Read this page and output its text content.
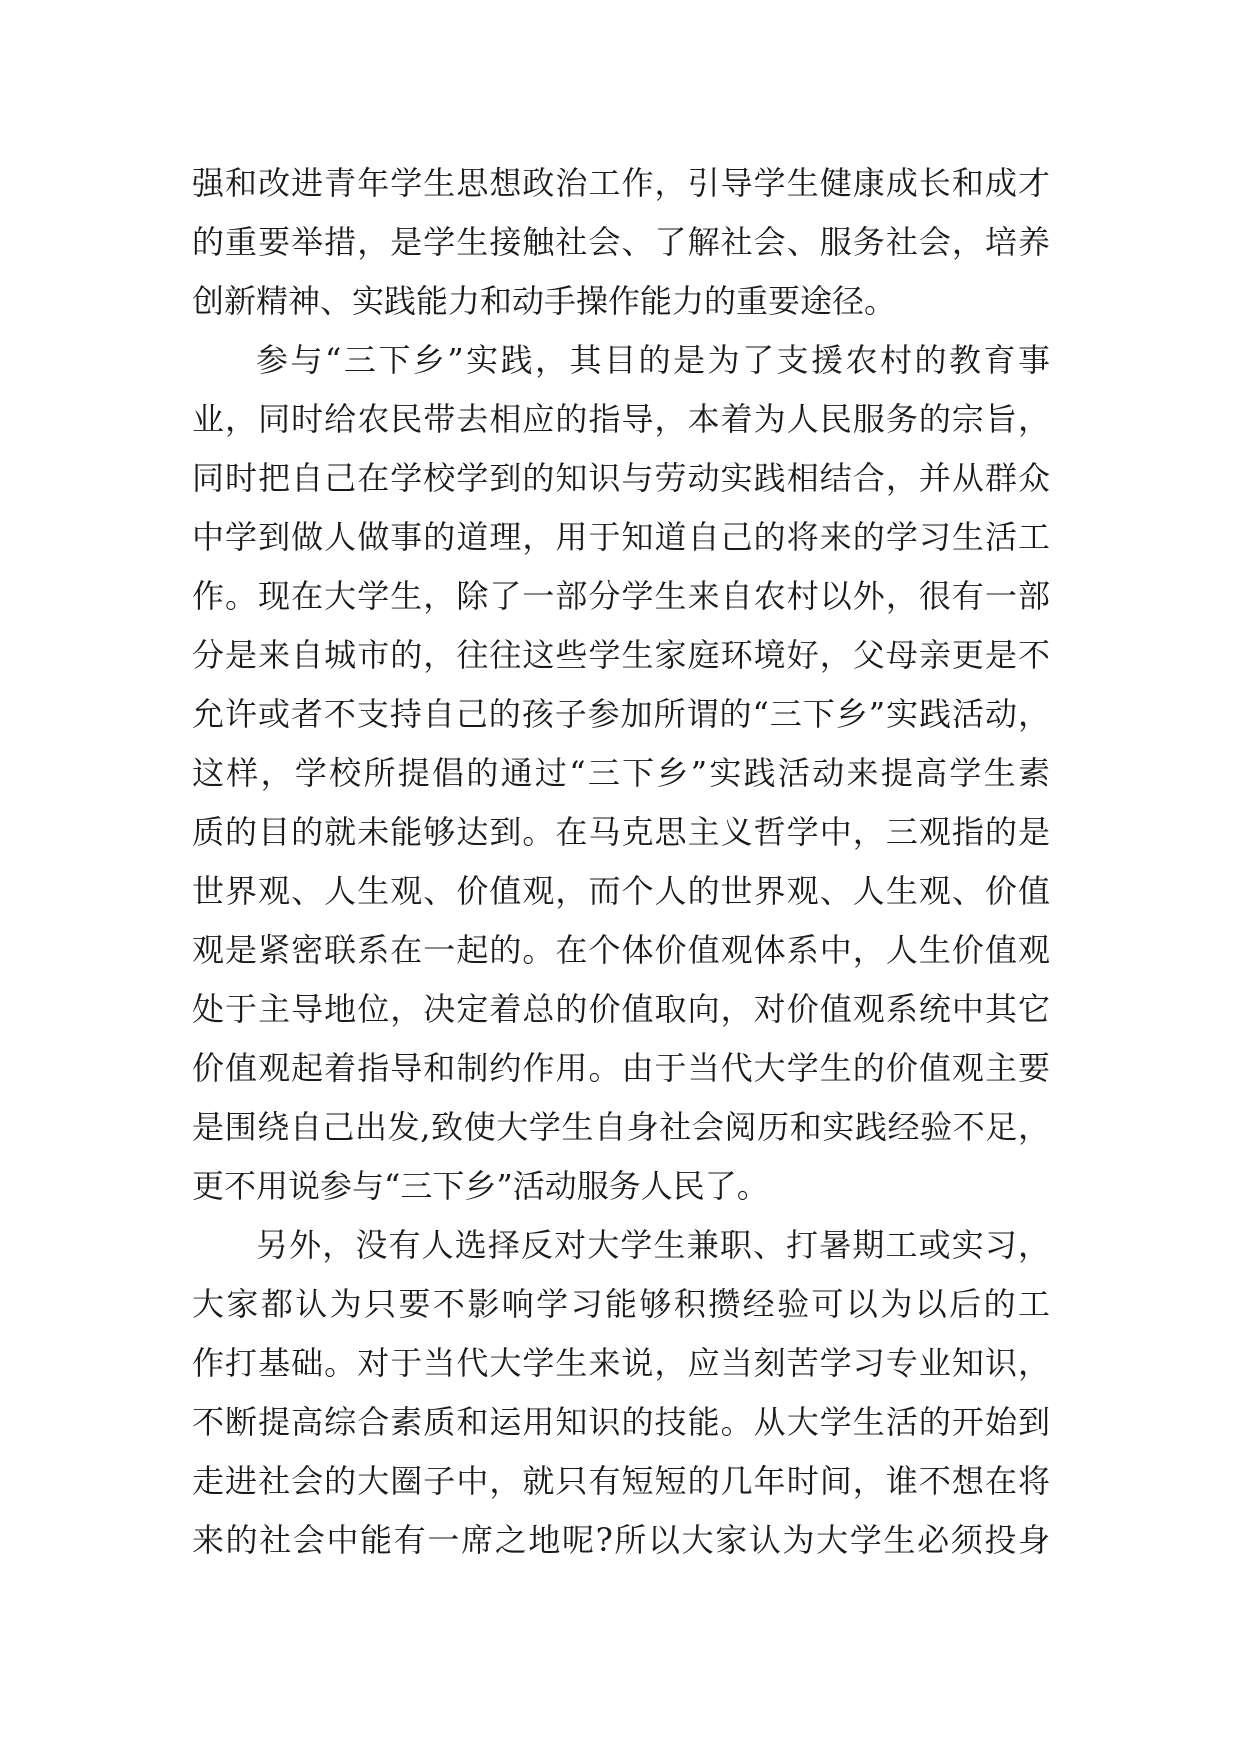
强和改进青年学生思想政治工作，引导学生健康成长和成才
的重要举措，是学生接触社会、了解社会、服务社会，培养
创新精神、实践能力和动手操作能力的重要途径。
参与“三下乡”实践，其目的是为了支援农村的教育事
业，同时给农民带去相应的指导，本着为人民服务的宗旨，
同时把自己在学校学到的知识与劳动实践相结合，并从群众
中学到做人做事的道理，用于知道自己的将来的学习生活工
作。现在大学生，除了一部分学生来自农村以外，很有一部
分是来自城市的，往往这些学生家庭环境好，父母亲更是不
允许或者不支持自己的孩子参加所谓的“三下乡”实践活动，
这样，学校所提倡的通过“三下乡”实践活动来提高学生素
质的目的就未能够达到。在马克思主义哲学中，三观指的是
世界观、人生观、价值观，而个人的世界观、人生观、价值
观是紧密联系在一起的。在个体价值观体系中，人生价值观
处于主导地位，决定着总的价值取向，对价值观系统中其它
价值观起着指导和制约作用。由于当代大学生的价值观主要
是围绕自己出发,致使大学生自身社会阅历和实践经验不足，
更不用说参与“三下乡”活动服务人民了。
另外，没有人选择反对大学生兼职、打暑期工或实习，
大家都认为只要不影响学习能够积攒经验可以为以后的工
作打基础。对于当代大学生来说，应当刻苦学习专业知识，
不断提高综合素质和运用知识的技能。从大学生活的开始到
走进社会的大圈子中，就只有短短的几年时间，谁不想在将
来的社会中能有一席之地呢?所以大家认为大学生必须投身
